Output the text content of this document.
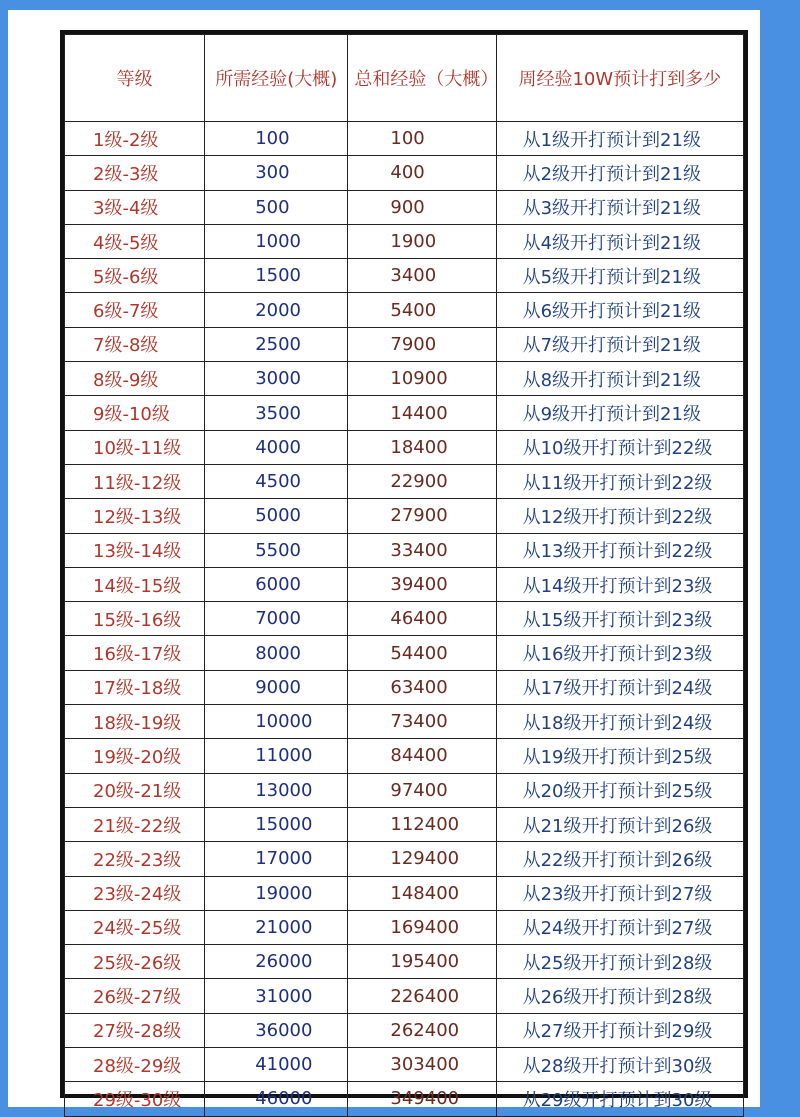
等级	所需经验(大概)	总和经验（大概）	周经验10W预计打到多少
1级-2级	100	100	从1级开打预计到21级
2级-3级	300	400	从2级开打预计到21级
3级-4级	500	900	从3级开打预计到21级
4级-5级	1000	1900	从4级开打预计到21级
5级-6级	1500	3400	从5级开打预计到21级
6级-7级	2000	5400	从6级开打预计到21级
7级-8级	2500	7900	从7级开打预计到21级
8级-9级	3000	10900	从8级开打预计到21级
9级-10级	3500	14400	从9级开打预计到21级
10级-11级	4000	18400	从10级开打预计到22级
11级-12级	4500	22900	从11级开打预计到22级
12级-13级	5000	27900	从12级开打预计到22级
13级-14级	5500	33400	从13级开打预计到22级
14级-15级	6000	39400	从14级开打预计到23级
15级-16级	7000	46400	从15级开打预计到23级
16级-17级	8000	54400	从16级开打预计到23级
17级-18级	9000	63400	从17级开打预计到24级
18级-19级	10000	73400	从18级开打预计到24级
19级-20级	11000	84400	从19级开打预计到25级
20级-21级	13000	97400	从20级开打预计到25级
21级-22级	15000	112400	从21级开打预计到26级
22级-23级	17000	129400	从22级开打预计到26级
23级-24级	19000	148400	从23级开打预计到27级
24级-25级	21000	169400	从24级开打预计到27级
25级-26级	26000	195400	从25级开打预计到28级
26级-27级	31000	226400	从26级开打预计到28级
27级-28级	36000	262400	从27级开打预计到29级
28级-29级	41000	303400	从28级开打预计到30级
29级-30级	46000	349400	从29级开打预计到30级
